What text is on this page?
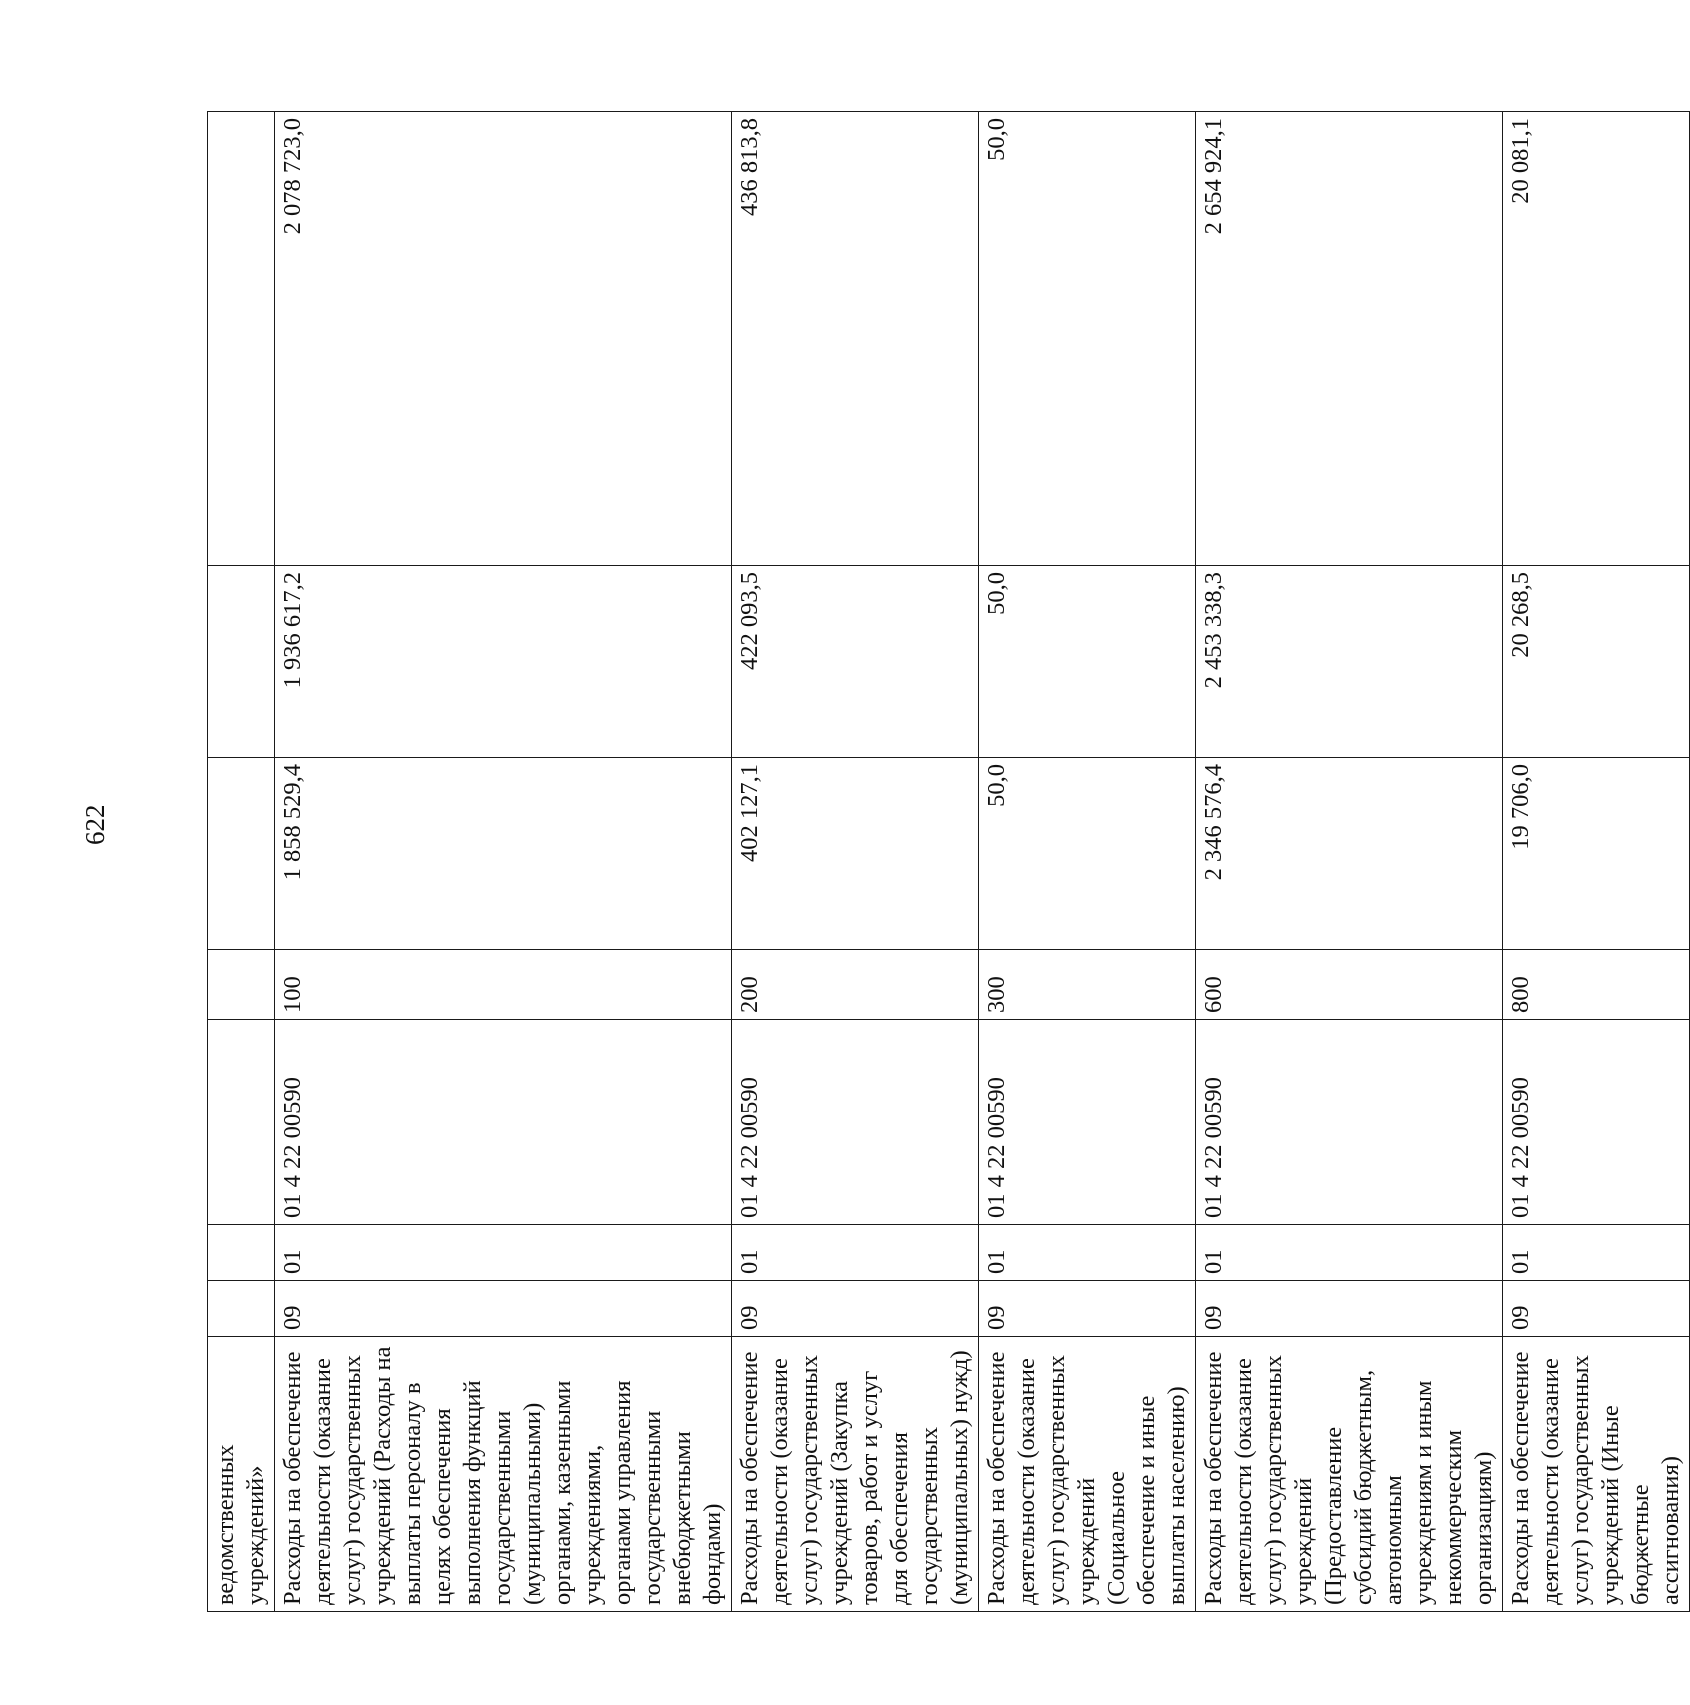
622
ведомственных учреждений»							

Расходы на обеспечение деятельности (оказание услуг) государственных учреждений (Расходы на выплаты персоналу в целях обеспечения выполнения функций государственными (муниципальными) органами, казенными учреждениями, органами управления государственными внебюджетными фондами)	09	01	01 4 22 00590	100	1 858 529,4	1 936 617,2	2 078 723,0

Расходы на обеспечение деятельности (оказание услуг) государственных учреждений (Закупка товаров, работ и услуг для обеспечения государственных (муниципальных) нужд)	09	01	01 4 22 00590	200	402 127,1	422 093,5	436 813,8

Расходы на обеспечение деятельности (оказание услуг) государственных учреждений (Социальное обеспечение и иные выплаты населению)	09	01	01 4 22 00590	300	50,0	50,0	50,0

Расходы на обеспечение деятельности (оказание услуг) государственных учреждений (Предоставление субсидий бюджетным, автономным учреждениям и иным некоммерческим организациям)	09	01	01 4 22 00590	600	2 346 576,4	2 453 338,3	2 654 924,1

Расходы на обеспечение деятельности (оказание услуг) государственных учреждений (Иные бюджетные ассигнования)	09	01	01 4 22 00590	800	19 706,0	20 268,5	20 081,1
